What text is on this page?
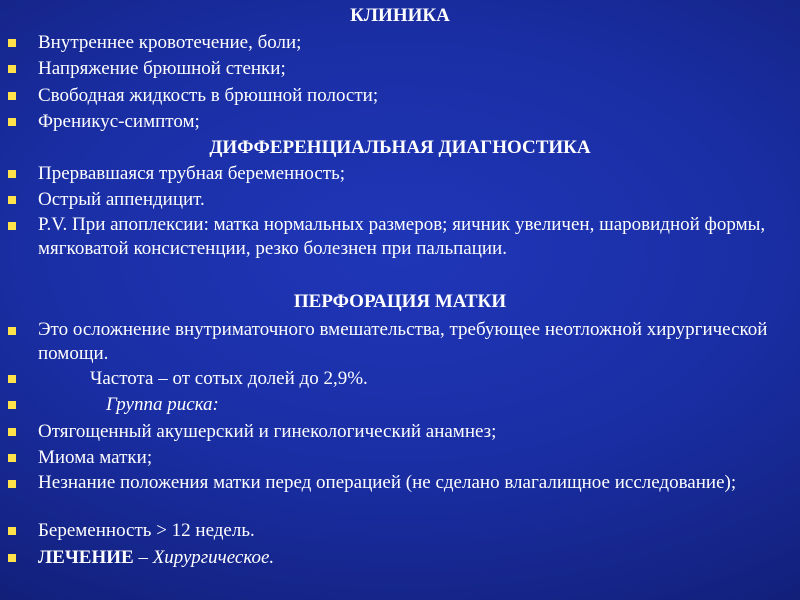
КЛИНИКА
Внутреннее кровотечение, боли;
Напряжение брюшной стенки;
Свободная жидкость в брюшной полости;
Френикус-симптом;
ДИФФЕРЕНЦИАЛЬНАЯ ДИАГНОСТИКА
Прервавшаяся трубная беременность;
Острый аппендицит.
P.V. При апоплексии: матка нормальных размеров; яичник увеличен, шаровидной формы, мягковатой консистенции, резко болезнен при пальпации.
ПЕРФОРАЦИЯ МАТКИ
Это осложнение внутриматочного вмешательства, требующее неотложной хирургической помощи.
Частота – от сотых долей до 2,9%.
Группа риска:
Отягощенный акушерский и гинекологический анамнез;
Миома матки;
Незнание положения матки перед операцией (не сделано влагалищное исследование);
Беременность > 12 недель.
ЛЕЧЕНИЕ – Хирургическое.
